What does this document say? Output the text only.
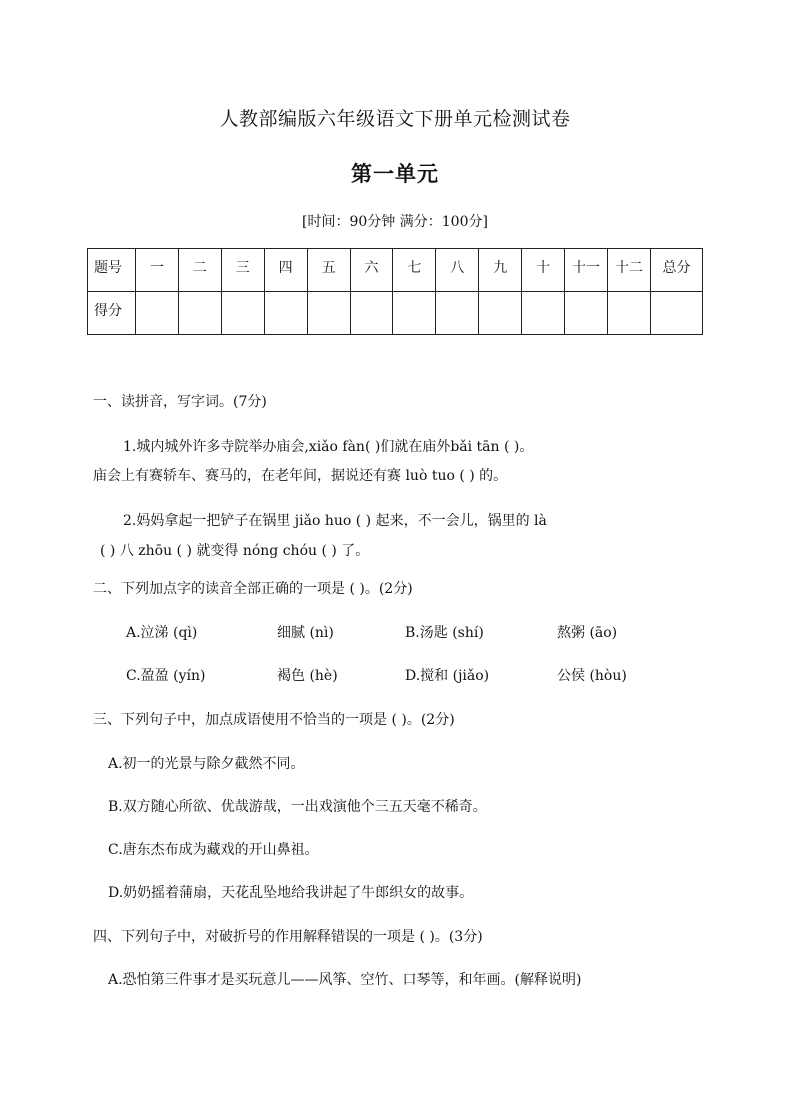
人教部编版六年级语文下册单元检测试卷
第一单元
[时间：90分钟 满分：100分]
题号	一	二	三	四	五	六	七	八	九	十	十一	十二	总分
得分													
一、读拼音，写字词。(7分)
1.城内城外许多寺院举办庙会,xiǎo fàn( )们就在庙外bǎi tān ( )。
庙会上有赛轿车、赛马的，在老年间，据说还有赛 luò tuo ( ) 的。
2.妈妈拿起一把铲子在锅里 jiǎo huo ( ) 起来，不一会儿，锅里的 là
( ) 八 zhōu ( ) 就变得 nóng chóu ( ) 了。
二、下列加点字的读音全部正确的一项是 ( )。(2分)
A.泣涕 (qì)	细腻 (nì)	B.汤匙 (shí)	熬粥 (āo)
C.盈盈 (yín)	褐色 (hè)	D.搅和 (jiǎo)	公侯 (hòu)
三、下列句子中，加点成语使用不恰当的一项是 ( )。(2分)
A.初一的光景与除夕截然不同。
B.双方随心所欲、优哉游哉，一出戏演他个三五天毫不稀奇。
C.唐东杰布成为藏戏的开山鼻祖。
D.奶奶摇着蒲扇，天花乱坠地给我讲起了牛郎织女的故事。
四、下列句子中，对破折号的作用解释错误的一项是 ( )。(3分)
A.恐怕第三件事才是买玩意儿——风筝、空竹、口琴等，和年画。(解释说明)
